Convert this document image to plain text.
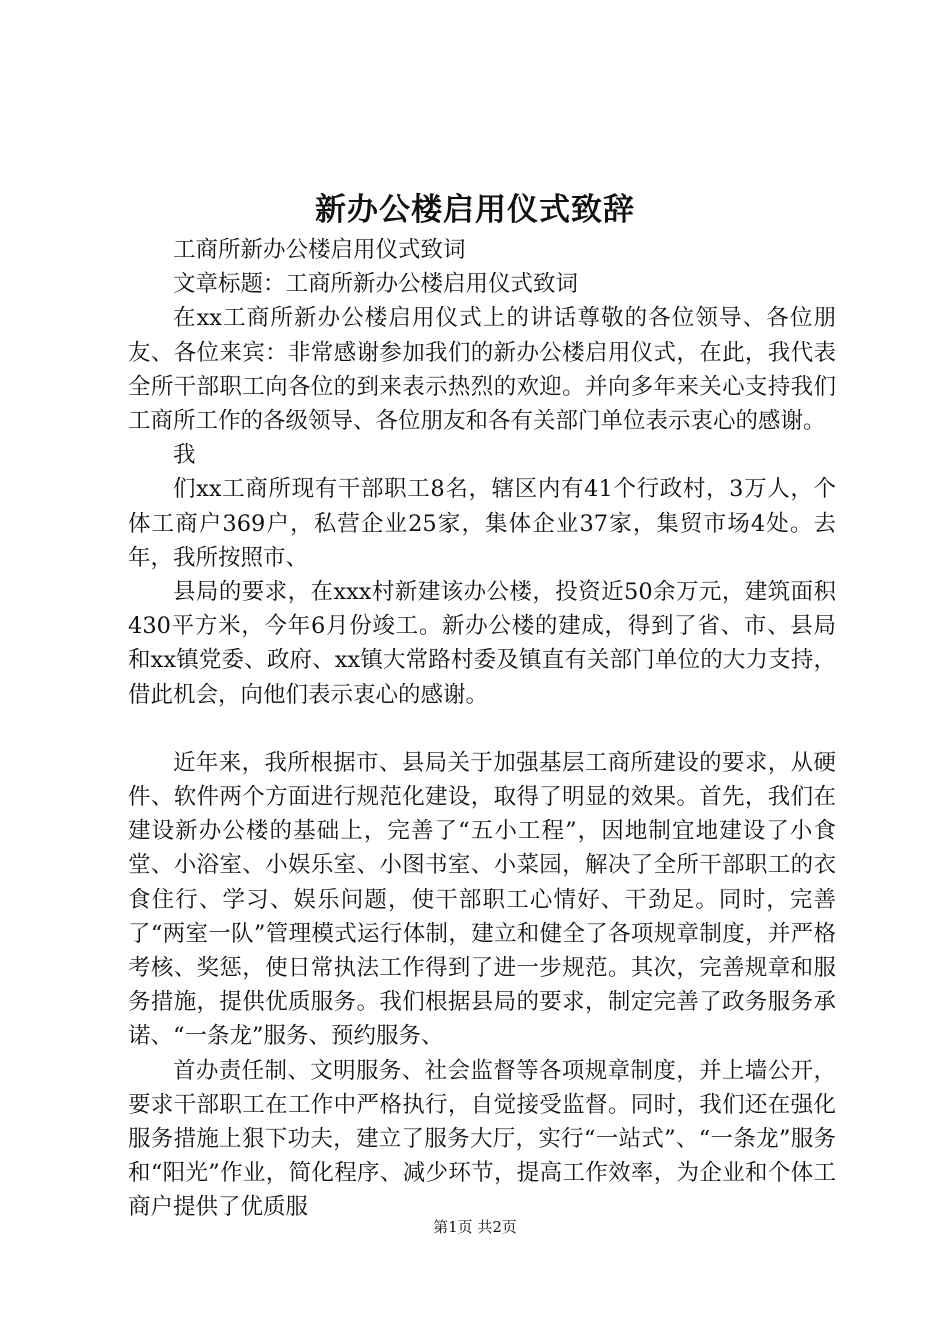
新办公楼启用仪式致辞

工商所新办公楼启用仪式致词

文章标题：工商所新办公楼启用仪式致词

在xx工商所新办公楼启用仪式上的讲话尊敬的各位领导、各位朋友、各位来宾：非常感谢参加我们的新办公楼启用仪式，在此，我代表全所干部职工向各位的到来表示热烈的欢迎。并向多年来关心支持我们工商所工作的各级领导、各位朋友和各有关部门单位表示衷心的感谢。

我

们xx工商所现有干部职工8名，辖区内有41个行政村，3万人，个体工商户369户，私营企业25家，集体企业37家，集贸市场4处。去年，我所按照市、

县局的要求，在xxx村新建该办公楼，投资近50余万元，建筑面积430平方米，今年6月份竣工。新办公楼的建成，得到了省、市、县局和xx镇党委、政府、xx镇大常路村委及镇直有关部门单位的大力支持，借此机会，向他们表示衷心的感谢。

近年来，我所根据市、县局关于加强基层工商所建设的要求，从硬件、软件两个方面进行规范化建设，取得了明显的效果。首先，我们在建设新办公楼的基础上，完善了“五小工程”，因地制宜地建设了小食堂、小浴室、小娱乐室、小图书室、小菜园，解决了全所干部职工的衣食住行、学习、娱乐问题，使干部职工心情好、干劲足。同时，完善了“两室一队”管理模式运行体制，建立和健全了各项规章制度，并严格考核、奖惩，使日常执法工作得到了进一步规范。其次，完善规章和服务措施，提供优质服务。我们根据县局的要求，制定完善了政务服务承诺、“一条龙”服务、预约服务、

首办责任制、文明服务、社会监督等各项规章制度，并上墙公开，要求干部职工在工作中严格执行，自觉接受监督。同时，我们还在强化服务措施上狠下功夫，建立了服务大厅，实行“一站式”、“一条龙”服务和“阳光”作业，简化程序、减少环节，提高工作效率，为企业和个体工商户提供了优质服

第1页 共2页
